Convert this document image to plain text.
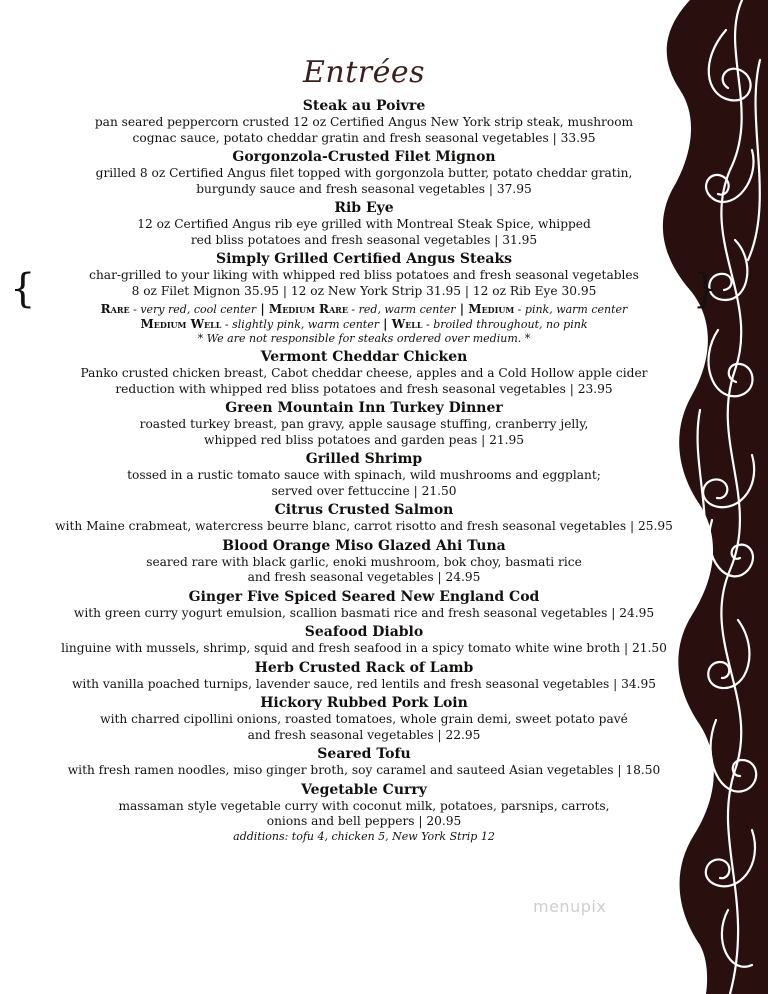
Entrées
Steak au Poivre
pan seared peppercorn crusted 12 oz Certified Angus New York strip steak, mushroom
cognac sauce, potato cheddar gratin and fresh seasonal vegetables | 33.95
Gorgonzola-Crusted Filet Mignon
grilled 8 oz Certified Angus filet topped with gorgonzola butter, potato cheddar gratin,
burgundy sauce and fresh seasonal vegetables | 37.95
Rib Eye
12 oz Certified Angus rib eye grilled with Montreal Steak Spice, whipped
red bliss potatoes and fresh seasonal vegetables | 31.95
{	}
Simply Grilled Certified Angus Steaks
char-grilled to your liking with whipped red bliss potatoes and fresh seasonal vegetables
8 oz Filet Mignon 35.95 | 12 oz New York Strip 31.95 | 12 oz Rib Eye 30.95
Rare - very red, cool center | Medium Rare - red, warm center | Medium - pink, warm center
Medium Well - slightly pink, warm center | Well - broiled throughout, no pink
* We are not responsible for steaks ordered over medium. *
Vermont Cheddar Chicken
Panko crusted chicken breast, Cabot cheddar cheese, apples and a Cold Hollow apple cider
reduction with whipped red bliss potatoes and fresh seasonal vegetables | 23.95
Green Mountain Inn Turkey Dinner
roasted turkey breast, pan gravy, apple sausage stuffing, cranberry jelly,
whipped red bliss potatoes and garden peas | 21.95
Grilled Shrimp
tossed in a rustic tomato sauce with spinach, wild mushrooms and eggplant;
served over fettuccine | 21.50
Citrus Crusted Salmon
with Maine crabmeat, watercress beurre blanc, carrot risotto and fresh seasonal vegetables | 25.95
Blood Orange Miso Glazed Ahi Tuna
seared rare with black garlic, enoki mushroom, bok choy, basmati rice
and fresh seasonal vegetables | 24.95
Ginger Five Spiced Seared New England Cod
with green curry yogurt emulsion, scallion basmati rice and fresh seasonal vegetables | 24.95
Seafood Diablo
linguine with mussels, shrimp, squid and fresh seafood in a spicy tomato white wine broth | 21.50
Herb Crusted Rack of Lamb
with vanilla poached turnips, lavender sauce, red lentils and fresh seasonal vegetables | 34.95
Hickory Rubbed Pork Loin
with charred cipollini onions, roasted tomatoes, whole grain demi, sweet potato pavé
and fresh seasonal vegetables | 22.95
Seared Tofu
with fresh ramen noodles, miso ginger broth, soy caramel and sauteed Asian vegetables | 18.50
Vegetable Curry
massaman style vegetable curry with coconut milk, potatoes, parsnips, carrots,
onions and bell peppers | 20.95
additions: tofu 4, chicken 5, New York Strip 12
menupix
